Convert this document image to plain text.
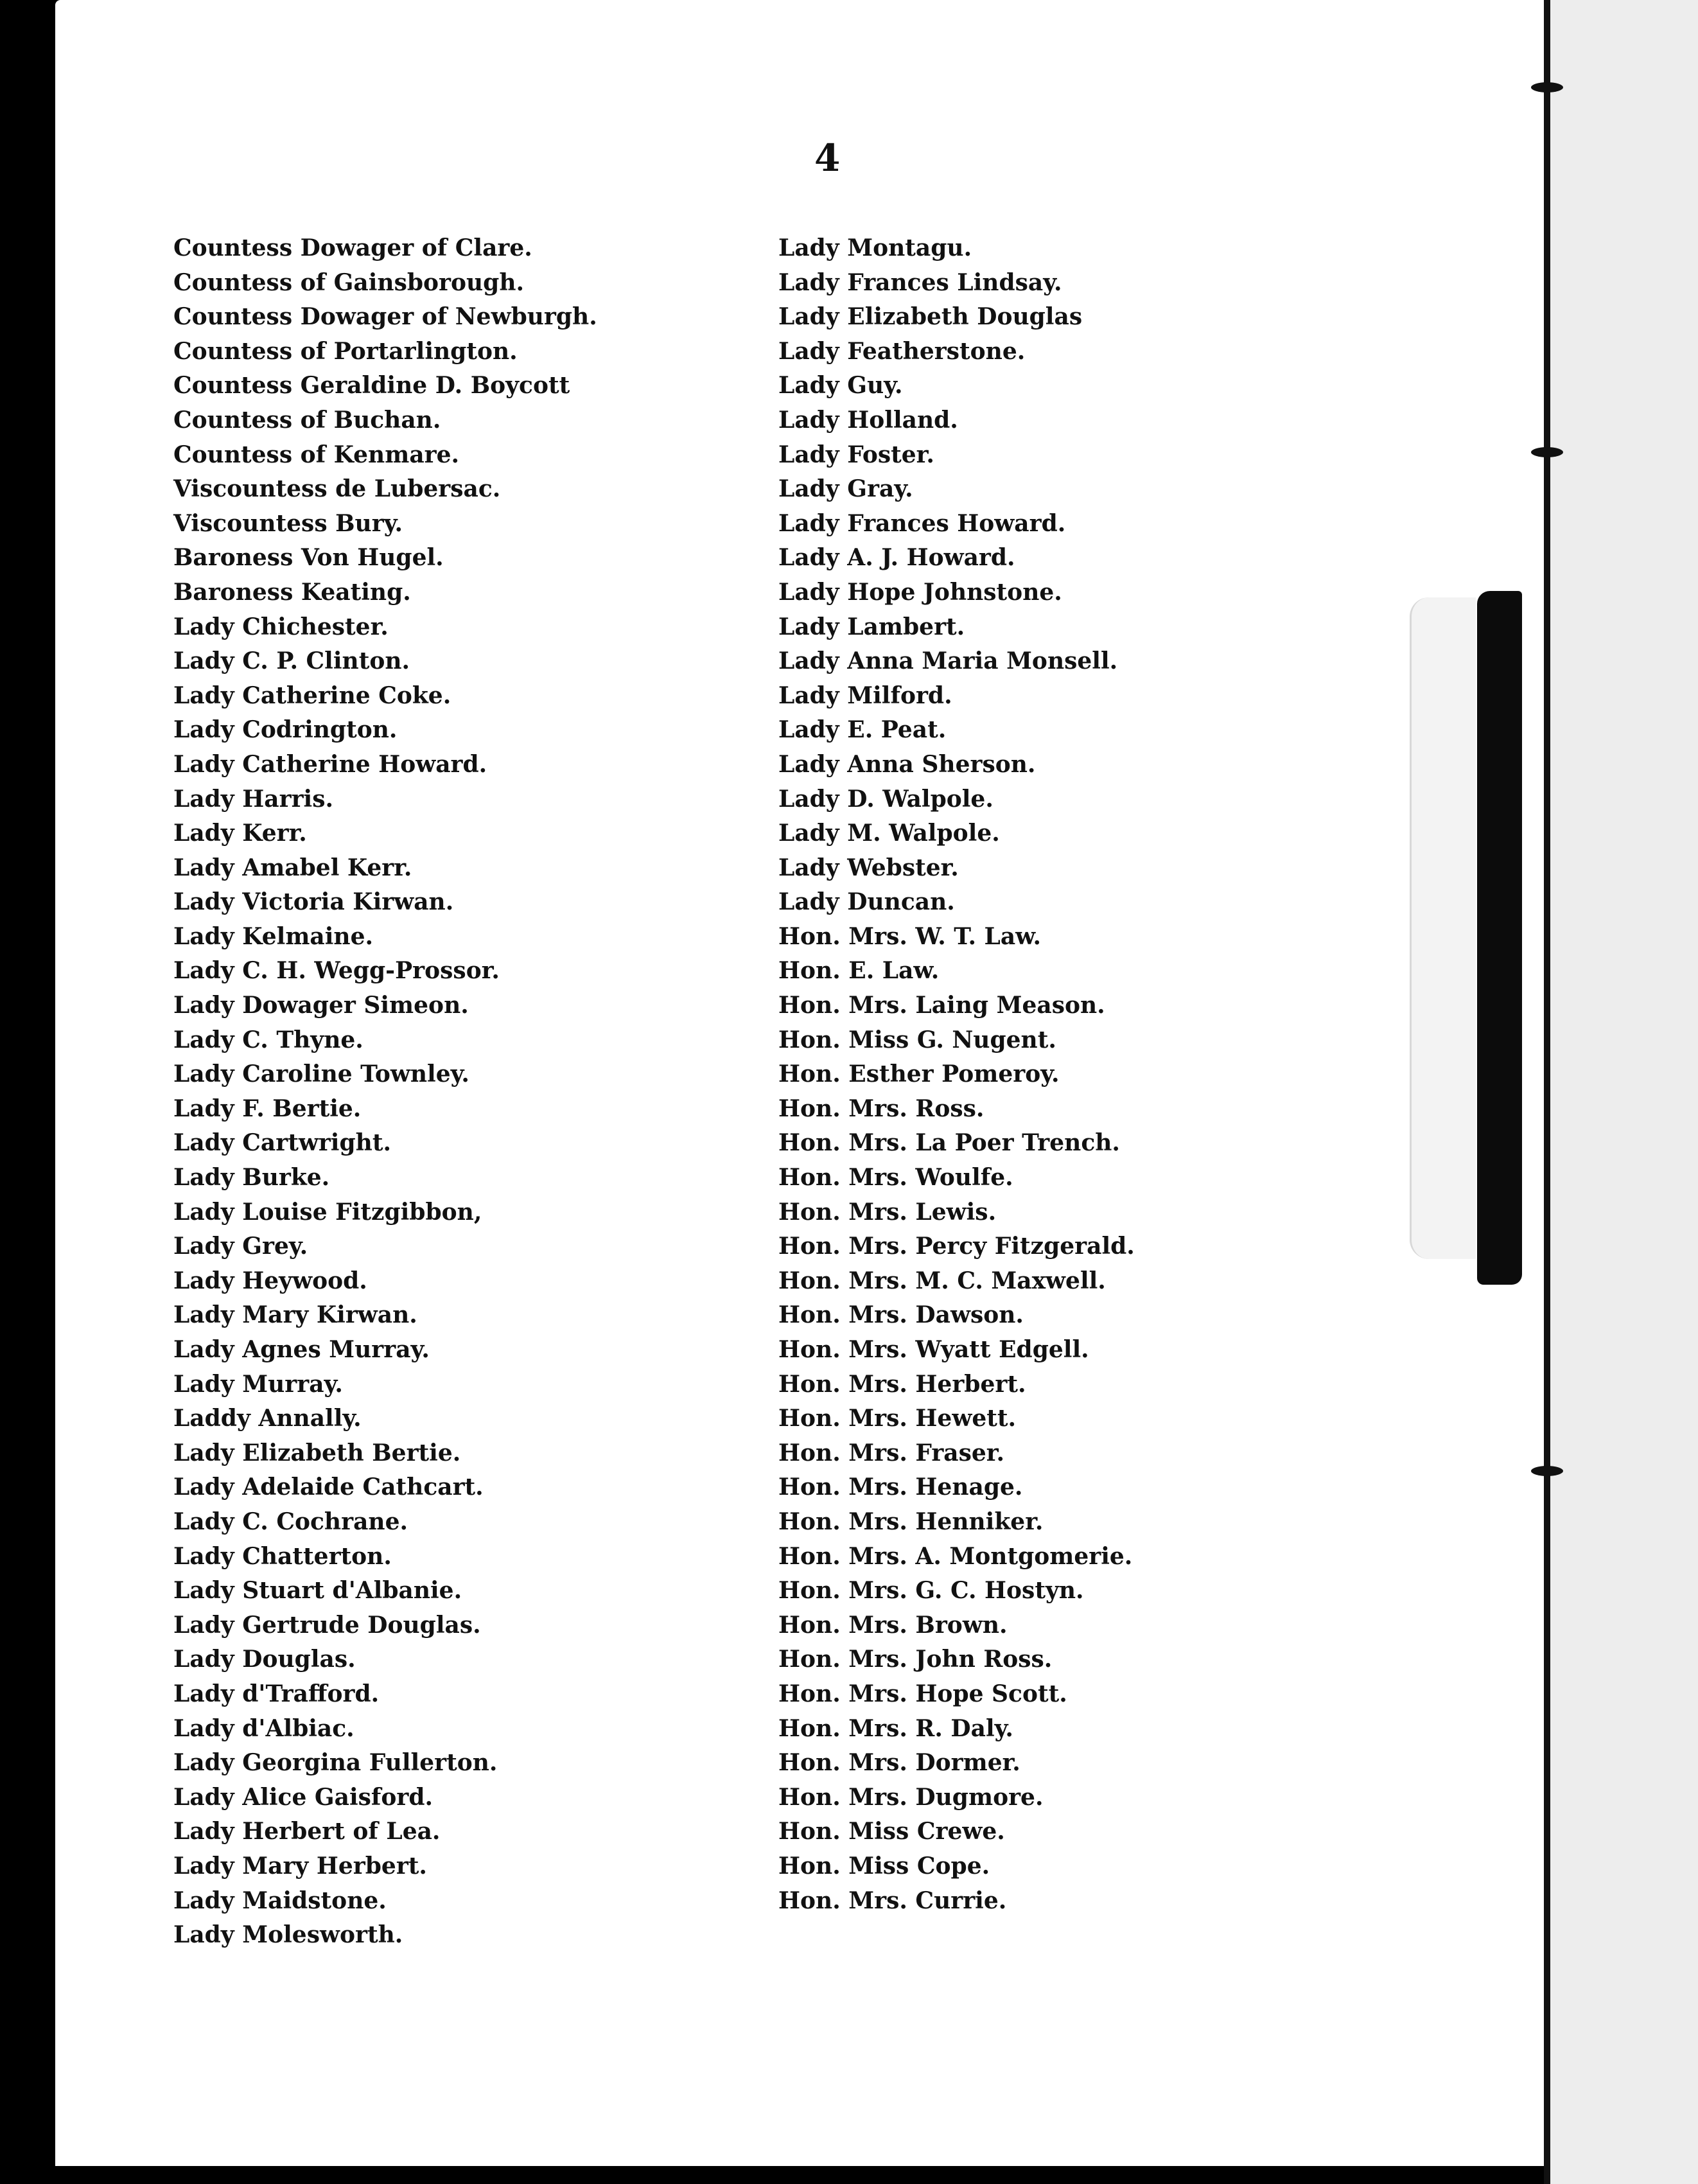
4
Countess Dowager of Clare.
Countess of Gainsborough.
Countess Dowager of Newburgh.
Countess of Portarlington.
Countess Geraldine D. Boycott
Countess of Buchan.
Countess of Kenmare.
Viscountess de Lubersac.
Viscountess Bury.
Baroness Von Hugel.
Baroness Keating.
Lady Chichester.
Lady C. P. Clinton.
Lady Catherine Coke.
Lady Codrington.
Lady Catherine Howard.
Lady Harris.
Lady Kerr.
Lady Amabel Kerr.
Lady Victoria Kirwan.
Lady Kelmaine.
Lady C. H. Wegg-Prossor.
Lady Dowager Simeon.
Lady C. Thyne.
Lady Caroline Townley.
Lady F. Bertie.
Lady Cartwright.
Lady Burke.
Lady Louise Fitzgibbon,
Lady Grey.
Lady Heywood.
Lady Mary Kirwan.
Lady Agnes Murray.
Lady Murray.
Laddy Annally.
Lady Elizabeth Bertie.
Lady Adelaide Cathcart.
Lady C. Cochrane.
Lady Chatterton.
Lady Stuart d'Albanie.
Lady Gertrude Douglas.
Lady Douglas.
Lady d'Trafford.
Lady d'Albiac.
Lady Georgina Fullerton.
Lady Alice Gaisford.
Lady Herbert of Lea.
Lady Mary Herbert.
Lady Maidstone.
Lady Molesworth.
Lady Montagu.
Lady Frances Lindsay.
Lady Elizabeth Douglas
Lady Featherstone.
Lady Guy.
Lady Holland.
Lady Foster.
Lady Gray.
Lady Frances Howard.
Lady A. J. Howard.
Lady Hope Johnstone.
Lady Lambert.
Lady Anna Maria Monsell.
Lady Milford.
Lady E. Peat.
Lady Anna Sherson.
Lady D. Walpole.
Lady M. Walpole.
Lady Webster.
Lady Duncan.
Hon. Mrs. W. T. Law.
Hon. E. Law.
Hon. Mrs. Laing Meason.
Hon. Miss G. Nugent.
Hon. Esther Pomeroy.
Hon. Mrs. Ross.
Hon. Mrs. La Poer Trench.
Hon. Mrs. Woulfe.
Hon. Mrs. Lewis.
Hon. Mrs. Percy Fitzgerald.
Hon. Mrs. M. C. Maxwell.
Hon. Mrs. Dawson.
Hon. Mrs. Wyatt Edgell.
Hon. Mrs. Herbert.
Hon. Mrs. Hewett.
Hon. Mrs. Fraser.
Hon. Mrs. Henage.
Hon. Mrs. Henniker.
Hon. Mrs. A. Montgomerie.
Hon. Mrs. G. C. Hostyn.
Hon. Mrs. Brown.
Hon. Mrs. John Ross.
Hon. Mrs. Hope Scott.
Hon. Mrs. R. Daly.
Hon. Mrs. Dormer.
Hon. Mrs. Dugmore.
Hon. Miss Crewe.
Hon. Miss Cope.
Hon. Mrs. Currie.
